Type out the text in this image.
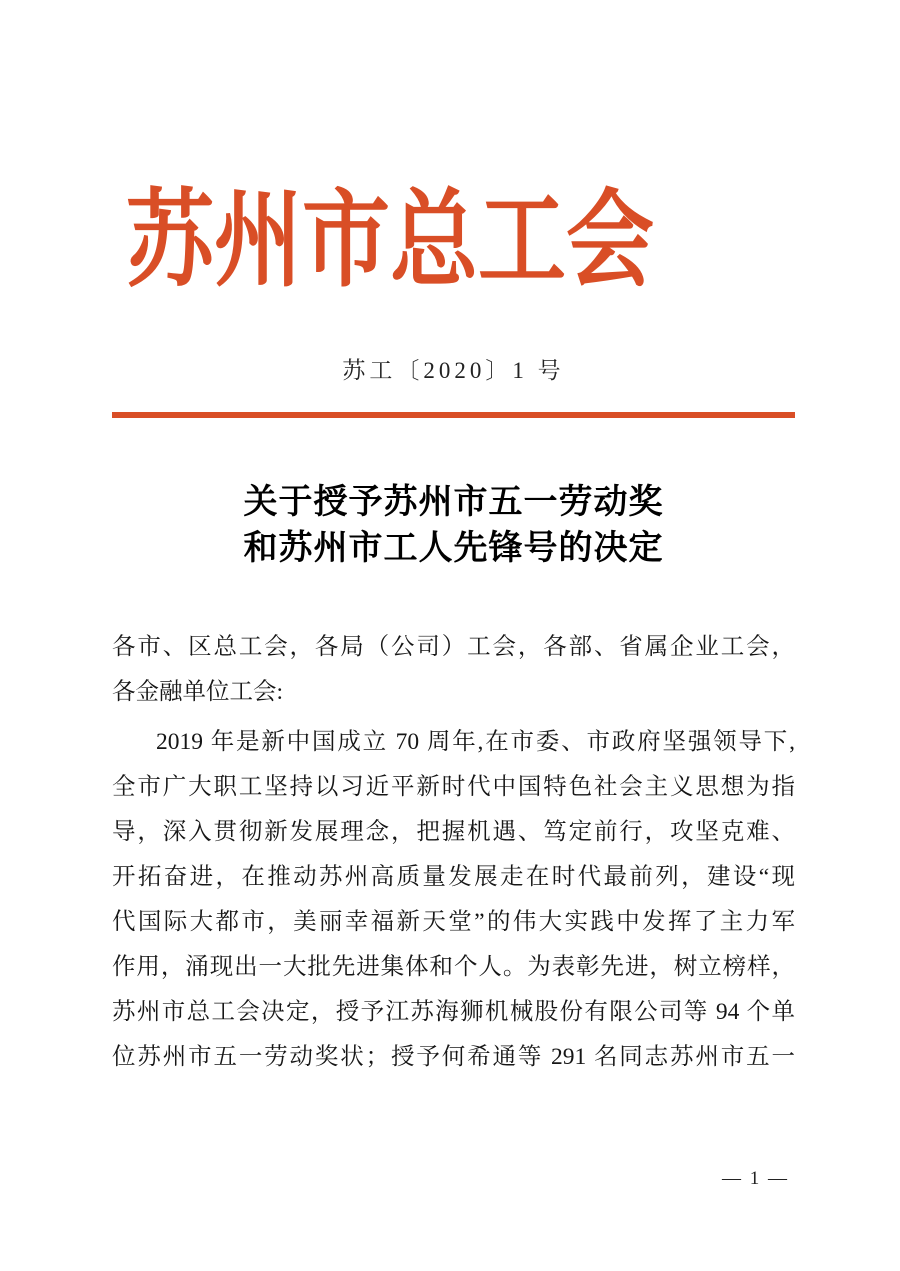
苏州市总工会
苏工〔2020〕1 号
关于授予苏州市五一劳动奖
和苏州市工人先锋号的决定
各市、区总工会，各局（公司）工会，各部、省属企业工会，
各金融单位工会:
2019 年是新中国成立 70 周年,在市委、市政府坚强领导下,
全市广大职工坚持以习近平新时代中国特色社会主义思想为指
导，深入贯彻新发展理念，把握机遇、笃定前行，攻坚克难、
开拓奋进，在推动苏州高质量发展走在时代最前列，建设“现
代国际大都市，美丽幸福新天堂”的伟大实践中发挥了主力军
作用，涌现出一大批先进集体和个人。为表彰先进，树立榜样，
苏州市总工会决定，授予江苏海狮机械股份有限公司等 94 个单
位苏州市五一劳动奖状；授予何希通等 291 名同志苏州市五一
— 1 —
